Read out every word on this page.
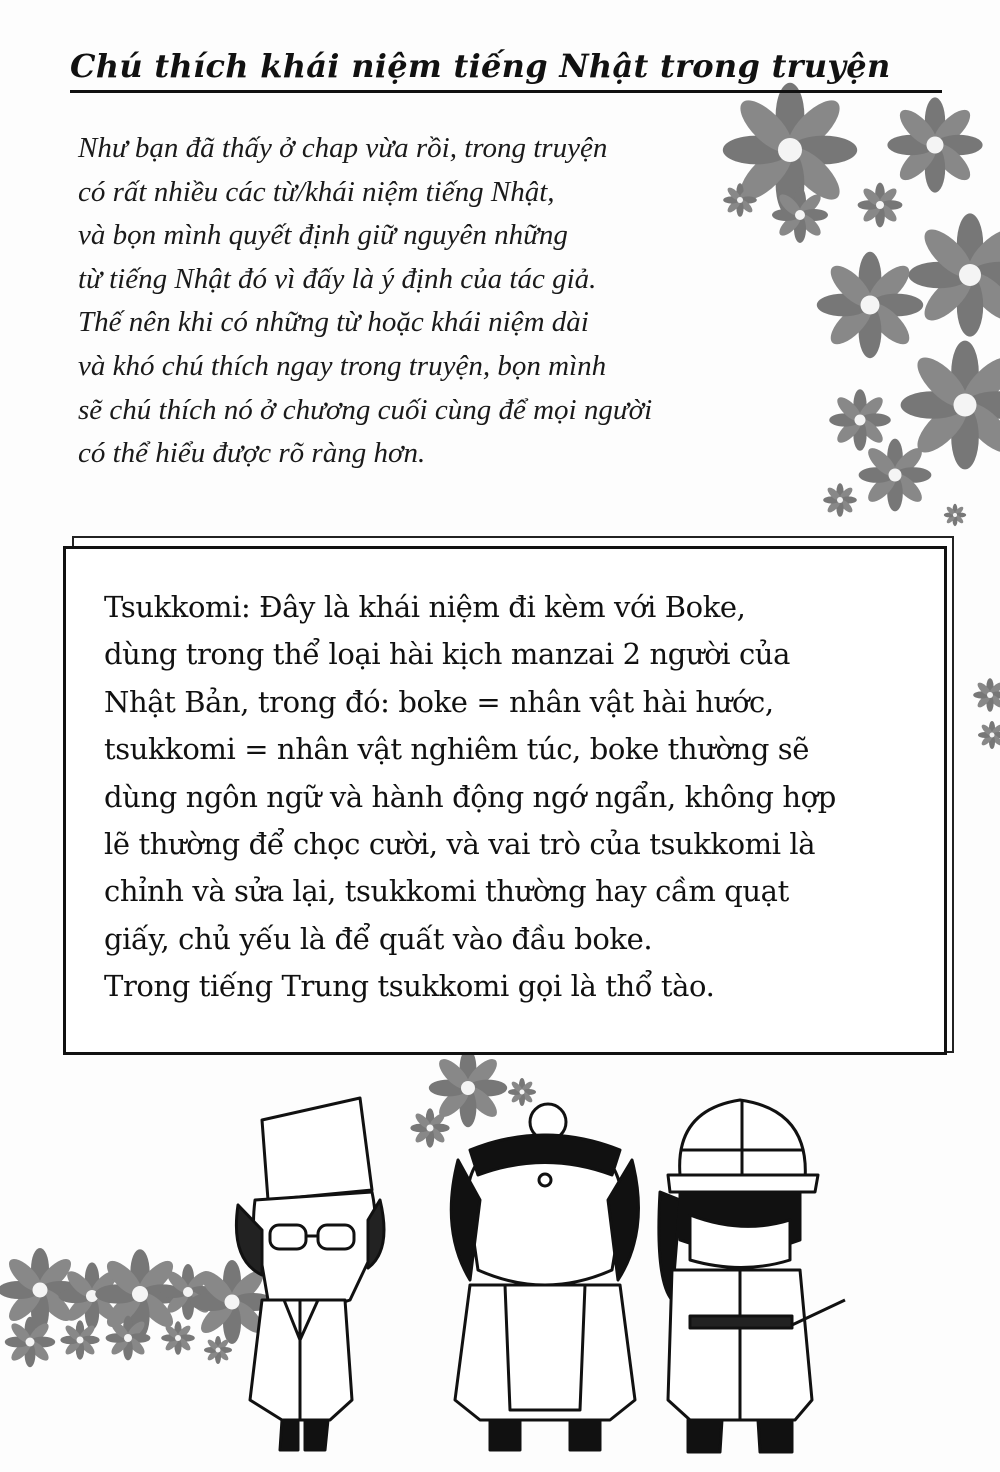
Chú thích khái niệm tiếng Nhật trong truyện
Như bạn đã thấy ở chap vừa rồi, trong truyện
có rất nhiều các từ/khái niệm tiếng Nhật,
và bọn mình quyết định giữ nguyên những
từ tiếng Nhật đó vì đấy là ý định của tác giả.
Thế nên khi có những từ hoặc khái niệm dài
và khó chú thích ngay trong truyện, bọn mình
sẽ chú thích nó ở chương cuối cùng để mọi người
có thể hiểu được rõ ràng hơn.
Tsukkomi: Đây là khái niệm đi kèm với Boke,
dùng trong thể loại hài kịch manzai 2 người của
Nhật Bản, trong đó: boke = nhân vật hài hước,
tsukkomi = nhân vật nghiêm túc, boke thường sẽ
dùng ngôn ngữ và hành động ngớ ngẩn, không hợp
lẽ thường để chọc cười, và vai trò của tsukkomi là
chỉnh và sửa lại, tsukkomi thường hay cầm quạt
giấy, chủ yếu là để quất vào đầu boke.
Trong tiếng Trung tsukkomi gọi là thổ tào.
